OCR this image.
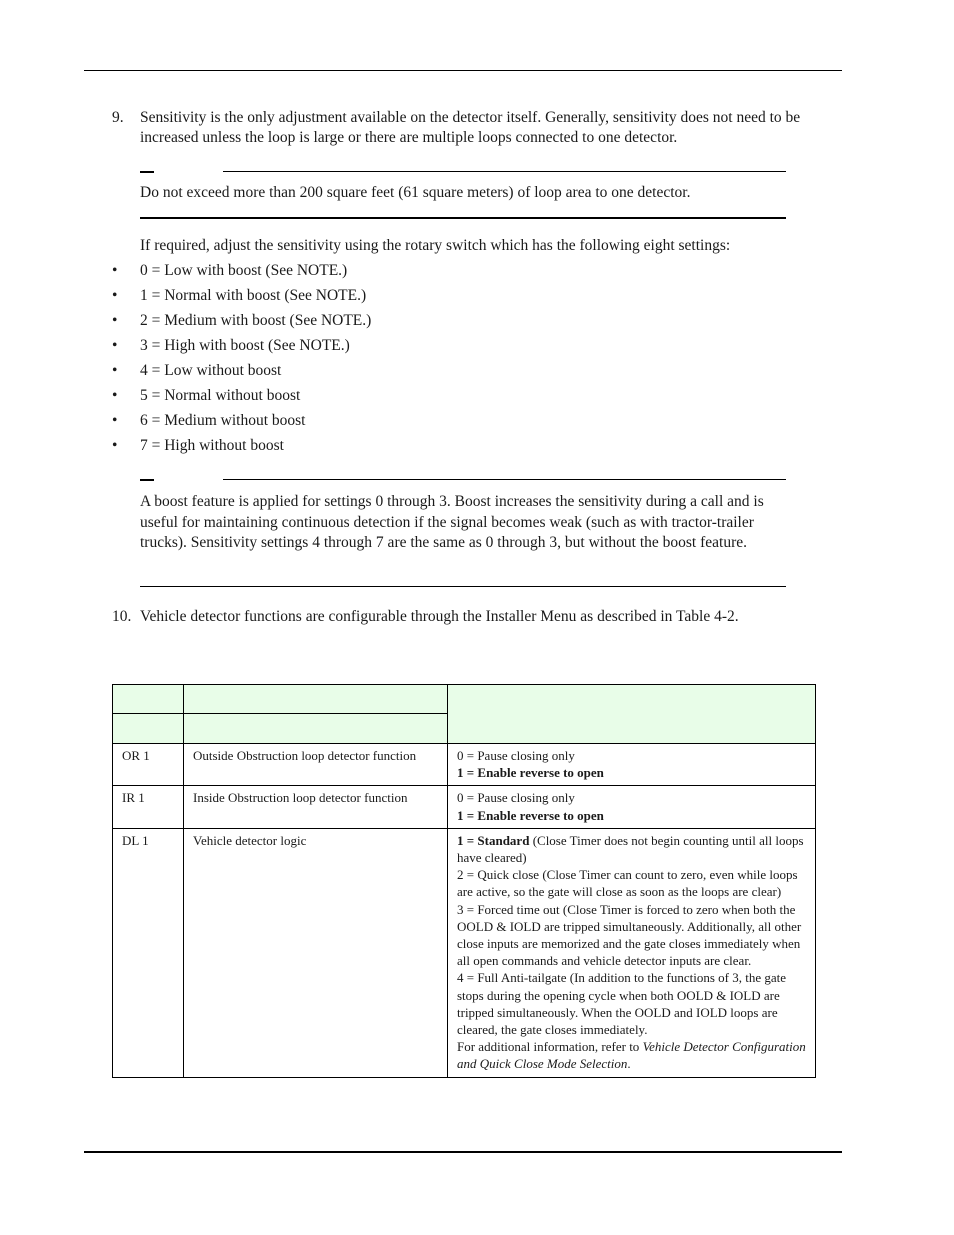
9. Sensitivity is the only adjustment available on the detector itself. Generally, sensitivity does not need to be increased unless the loop is large or there are multiple loops connected to one detector.
Do not exceed more than 200 square feet (61 square meters) of loop area to one detector.
If required, adjust the sensitivity using the rotary switch which has the following eight settings:
• 0 = Low with boost (See NOTE.)
• 1 = Normal with boost (See NOTE.)
• 2 = Medium with boost (See NOTE.)
• 3 = High with boost (See NOTE.)
• 4 = Low without boost
• 5 = Normal without boost
• 6 = Medium without boost
• 7 = High without boost
A boost feature is applied for settings 0 through 3. Boost increases the sensitivity during a call and is useful for maintaining continuous detection if the signal becomes weak (such as with tractor-trailer trucks). Sensitivity settings 4 through 7 are the same as 0 through 3, but without the boost feature.
10. Vehicle detector functions are configurable through the Installer Menu as described in Table 4-2.

OR 1	Outside Obstruction loop detector function	0 = Pause closing only
1 = Enable reverse to open

IR 1	Inside Obstruction loop detector function	0 = Pause closing only
1 = Enable reverse to open

DL 1	Vehicle detector logic	1 = Standard (Close Timer does not begin counting until all loops have cleared)
2 = Quick close (Close Timer can count to zero, even while loops are active, so the gate will close as soon as the loops are clear)
3 = Forced time out (Close Timer is forced to zero when both the OOLD & IOLD are tripped simultaneously. Additionally, all other close inputs are memorized and the gate closes immediately when all open commands and vehicle detector inputs are clear.
4 = Full Anti-tailgate (In addition to the functions of 3, the gate stops during the opening cycle when both OOLD & IOLD are tripped simultaneously. When the OOLD and IOLD loops are cleared, the gate closes immediately.
For additional information, refer to Vehicle Detector Configuration and Quick Close Mode Selection.
